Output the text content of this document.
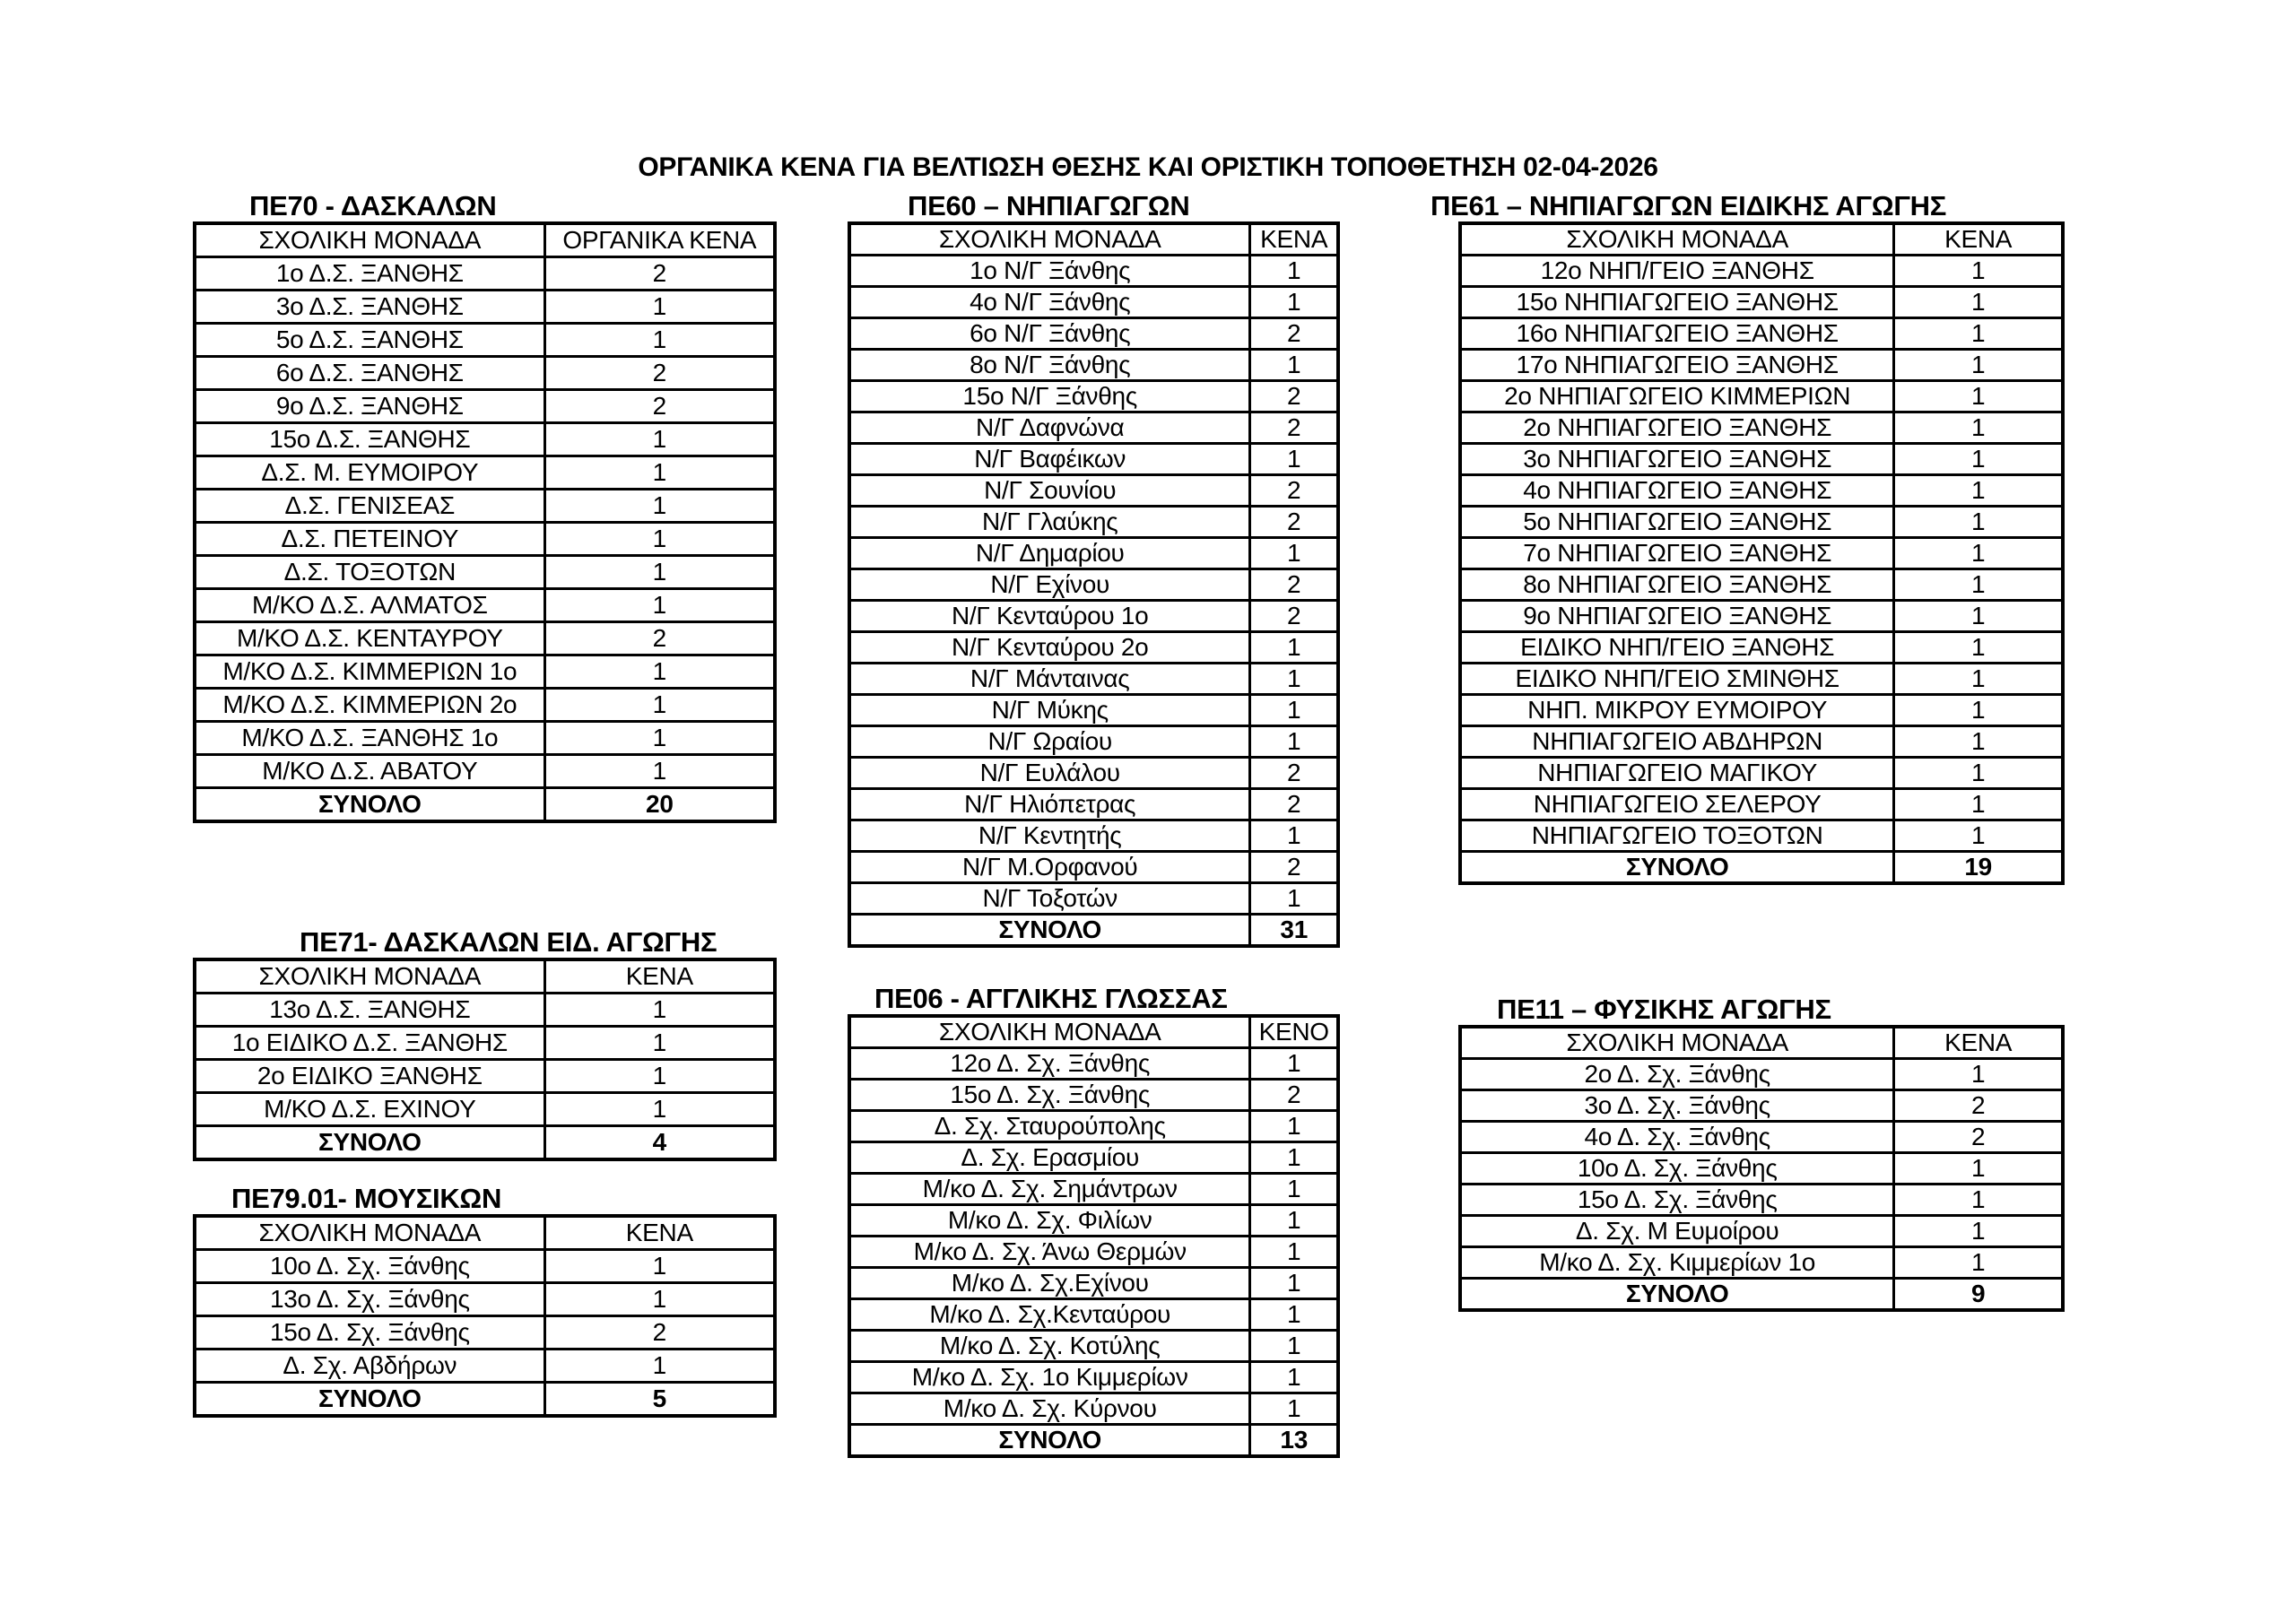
ΟΡΓΑΝΙΚΑ ΚΕΝΑ ΓΙΑ ΒΕΛΤΙΩΣΗ ΘΕΣΗΣ ΚΑΙ ΟΡΙΣΤΙΚΗ ΤΟΠΟΘΕΤΗΣΗ 02-04-2026
ΠΕ70 - ΔΑΣΚΑΛΩΝ
ΣΧΟΛΙΚΗ ΜΟΝΑΔΑ	ΟΡΓΑΝΙΚΑ ΚΕΝΑ
1ο Δ.Σ. ΞΑΝΘΗΣ	2
3ο Δ.Σ. ΞΑΝΘΗΣ	1
5ο Δ.Σ. ΞΑΝΘΗΣ	1
6ο Δ.Σ. ΞΑΝΘΗΣ	2
9ο Δ.Σ. ΞΑΝΘΗΣ	2
15ο Δ.Σ. ΞΑΝΘΗΣ	1
Δ.Σ. Μ. ΕΥΜΟΙΡΟΥ	1
Δ.Σ. ΓΕΝΙΣΕΑΣ	1
Δ.Σ. ΠΕΤΕΙΝΟΥ	1
Δ.Σ. ΤΟΞΟΤΩΝ	1
Μ/ΚΟ Δ.Σ. ΑΛΜΑΤΟΣ	1
Μ/ΚΟ Δ.Σ. ΚΕΝΤΑΥΡΟΥ	2
Μ/ΚΟ Δ.Σ. ΚΙΜΜΕΡΙΩΝ 1ο	1
Μ/ΚΟ Δ.Σ. ΚΙΜΜΕΡΙΩΝ 2ο	1
Μ/ΚΟ Δ.Σ. ΞΑΝΘΗΣ 1ο	1
Μ/ΚΟ Δ.Σ. ΑΒΑΤΟΥ	1
ΣΥΝΟΛΟ	20
ΠΕ71- ΔΑΣΚΑΛΩΝ ΕΙΔ. ΑΓΩΓΗΣ
ΣΧΟΛΙΚΗ ΜΟΝΑΔΑ	ΚΕΝΑ
13ο Δ.Σ. ΞΑΝΘΗΣ	1
1ο ΕΙΔΙΚΟ Δ.Σ. ΞΑΝΘΗΣ	1
2ο ΕΙΔΙΚΟ ΞΑΝΘΗΣ	1
Μ/ΚΟ Δ.Σ. ΕΧΙΝΟΥ	1
ΣΥΝΟΛΟ	4
ΠΕ79.01- ΜΟΥΣΙΚΩΝ
ΣΧΟΛΙΚΗ ΜΟΝΑΔΑ	ΚΕΝΑ
10ο Δ. Σχ. Ξάνθης	1
13ο Δ. Σχ. Ξάνθης	1
15ο Δ. Σχ. Ξάνθης	2
Δ. Σχ. Αβδήρων	1
ΣΥΝΟΛΟ	5
ΠΕ60 – ΝΗΠΙΑΓΩΓΩΝ
ΣΧΟΛΙΚΗ ΜΟΝΑΔΑ	ΚΕΝΑ
1ο Ν/Γ Ξάνθης	1
4ο Ν/Γ Ξάνθης	1
6ο Ν/Γ Ξάνθης	2
8ο Ν/Γ Ξάνθης	1
15ο Ν/Γ Ξάνθης	2
Ν/Γ Δαφνώνα	2
Ν/Γ Βαφέικων	1
Ν/Γ Σουνίου	2
Ν/Γ Γλαύκης	2
Ν/Γ Δημαρίου	1
Ν/Γ Εχίνου	2
Ν/Γ Κενταύρου 1ο	2
Ν/Γ Κενταύρου 2ο	1
Ν/Γ Μάνταινας	1
Ν/Γ Μύκης	1
Ν/Γ Ωραίου	1
Ν/Γ Ευλάλου	2
Ν/Γ Ηλιόπετρας	2
Ν/Γ Κεντητής	1
Ν/Γ Μ.Ορφανού	2
Ν/Γ Τοξοτών	1
ΣΥΝΟΛΟ	31
ΠΕ06 - ΑΓΓΛΙΚΗΣ ΓΛΩΣΣΑΣ
ΣΧΟΛΙΚΗ ΜΟΝΑΔΑ	ΚΕΝΟ
12ο Δ. Σχ. Ξάνθης	1
15ο Δ. Σχ. Ξάνθης	2
Δ. Σχ. Σταυρούπολης	1
Δ. Σχ. Ερασμίου	1
Μ/κο Δ. Σχ. Σημάντρων	1
Μ/κο Δ. Σχ. Φιλίων	1
Μ/κο Δ. Σχ. Άνω Θερμών	1
Μ/κο Δ. Σχ.Εχίνου	1
Μ/κο Δ. Σχ.Κενταύρου	1
Μ/κο Δ. Σχ. Κοτύλης	1
Μ/κο Δ. Σχ. 1ο Κιμμερίων	1
Μ/κο Δ. Σχ. Κύρνου	1
ΣΥΝΟΛΟ	13
ΠΕ61 – ΝΗΠΙΑΓΩΓΩΝ ΕΙΔΙΚΗΣ ΑΓΩΓΗΣ
ΣΧΟΛΙΚΗ ΜΟΝΑΔΑ	ΚΕΝΑ
12ο ΝΗΠ/ΓΕΙΟ ΞΑΝΘΗΣ	1
15ο ΝΗΠΙΑΓΩΓΕΙΟ ΞΑΝΘΗΣ	1
16ο ΝΗΠΙΑΓΩΓΕΙΟ ΞΑΝΘΗΣ	1
17ο ΝΗΠΙΑΓΩΓΕΙΟ ΞΑΝΘΗΣ	1
2ο ΝΗΠΙΑΓΩΓΕΙΟ ΚΙΜΜΕΡΙΩΝ	1
2ο ΝΗΠΙΑΓΩΓΕΙΟ ΞΑΝΘΗΣ	1
3ο ΝΗΠΙΑΓΩΓΕΙΟ ΞΑΝΘΗΣ	1
4ο ΝΗΠΙΑΓΩΓΕΙΟ ΞΑΝΘΗΣ	1
5ο ΝΗΠΙΑΓΩΓΕΙΟ ΞΑΝΘΗΣ	1
7ο ΝΗΠΙΑΓΩΓΕΙΟ ΞΑΝΘΗΣ	1
8ο ΝΗΠΙΑΓΩΓΕΙΟ ΞΑΝΘΗΣ	1
9ο ΝΗΠΙΑΓΩΓΕΙΟ ΞΑΝΘΗΣ	1
ΕΙΔΙΚΟ ΝΗΠ/ΓΕΙΟ ΞΑΝΘΗΣ	1
ΕΙΔΙΚΟ ΝΗΠ/ΓΕΙΟ ΣΜΙΝΘΗΣ	1
ΝΗΠ. ΜΙΚΡΟΥ ΕΥΜΟΙΡΟΥ	1
ΝΗΠΙΑΓΩΓΕΙΟ ΑΒΔΗΡΩΝ	1
ΝΗΠΙΑΓΩΓΕΙΟ ΜΑΓΙΚΟΥ	1
ΝΗΠΙΑΓΩΓΕΙΟ ΣΕΛΕΡΟΥ	1
ΝΗΠΙΑΓΩΓΕΙΟ ΤΟΞΟΤΩΝ	1
ΣΥΝΟΛΟ	19
ΠΕ11 – ΦΥΣΙΚΗΣ ΑΓΩΓΗΣ
ΣΧΟΛΙΚΗ ΜΟΝΑΔΑ	ΚΕΝΑ
2ο Δ. Σχ. Ξάνθης	1
3ο Δ. Σχ. Ξάνθης	2
4ο Δ. Σχ. Ξάνθης	2
10ο Δ. Σχ. Ξάνθης	1
15ο Δ. Σχ. Ξάνθης	1
Δ. Σχ. Μ Ευμοίρου	1
Μ/κο Δ. Σχ. Κιμμερίων 1ο	1
ΣΥΝΟΛΟ	9
